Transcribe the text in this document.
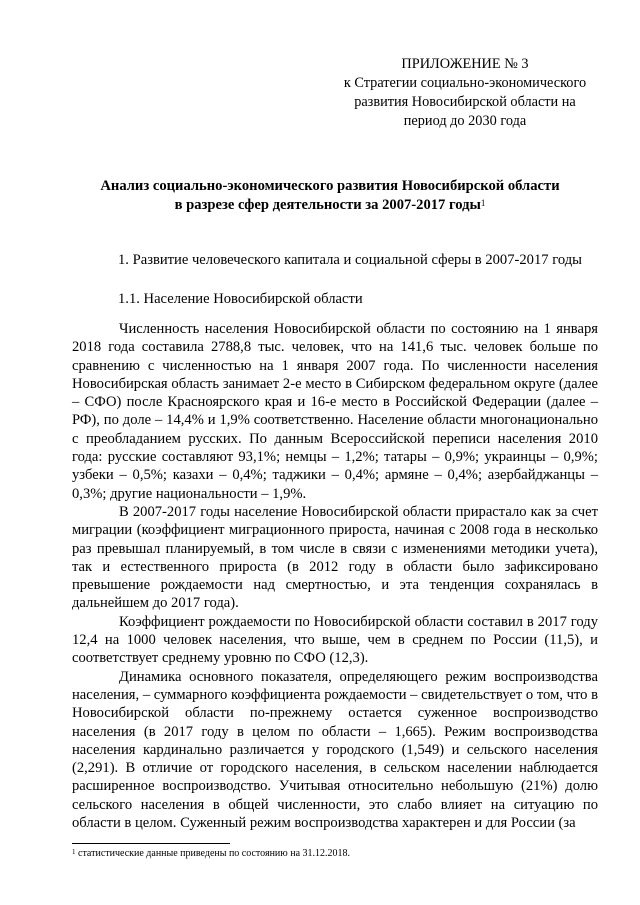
ПРИЛОЖЕНИЕ № 3
к Стратегии социально-экономического
развития Новосибирской области на
период до 2030 года
Анализ социально-экономического развития Новосибирской области
в разрезе сфер деятельности за 2007-2017 годы$^1$
1. Развитие человеческого капитала и социальной сферы в 2007-2017 годы
1.1. Население Новосибирской области

Численность населения Новосибирской области по состоянию на 1 января 2018 года составила 2788,8 тыс. человек, что на 141,6 тыс. человек больше по сравнению с численностью на 1 января 2007 года. По численности населения Новосибирская область занимает 2-е место в Сибирском федеральном округе (далее – СФО) после Красноярского края и 16-е место в Российской Федерации (далее – РФ), по доле – 14,4% и 1,9% соответственно. Население области многонационально с преобладанием русских. По данным Всероссийской переписи населения 2010 года: русские составляют 93,1%; немцы – 1,2%; татары – 0,9%; украинцы – 0,9%; узбеки – 0,5%; казахи – 0,4%; таджики – 0,4%; армяне – 0,4%; азербайджанцы – 0,3%; другие национальности – 1,9%.

В 2007-2017 годы население Новосибирской области прирастало как за счет миграции (коэффициент миграционного прироста, начиная с 2008 года в несколько раз превышал планируемый, в том числе в связи с изменениями методики учета), так и естественного прироста (в 2012 году в области было зафиксировано превышение рождаемости над смертностью, и эта тенденция сохранялась в дальнейшем до 2017 года).

Коэффициент рождаемости по Новосибирской области составил в 2017 году 12,4 на 1000 человек населения, что выше, чем в среднем по России (11,5), и соответствует среднему уровню по СФО (12,3).

Динамика основного показателя, определяющего режим воспроизводства населения, – суммарного коэффициента рождаемости – свидетельствует о том, что в Новосибирской области по-прежнему остается суженное воспроизводство населения (в 2017 году в целом по области – 1,665). Режим воспроизводства населения кардинально различается у городского (1,549) и сельского населения (2,291). В отличие от городского населения, в сельском населении наблюдается расширенное воспроизводство. Учитывая относительно небольшую (21%) долю сельского населения в общей численности, это слабо влияет на ситуацию по области в целом. Суженный режим воспроизводства характерен и для России (за

$^1$ статистические данные приведены по состоянию на 31.12.2018.
